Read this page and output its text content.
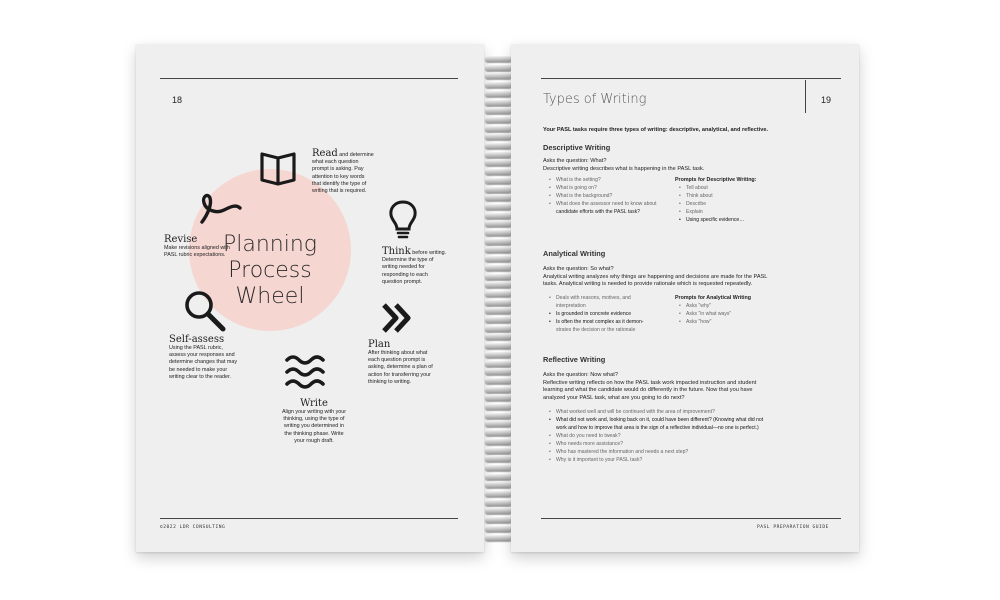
18
Planning
Process
Wheel
Read and determine
what each question
prompt is asking. Pay
attention to key words
that identify the type of
writing that is required.
Think before writing.
Determine the type of
writing needed for
responding to each
question prompt.
Plan
After thinking about what
each question prompt is
asking, determine a plan of
action for transferring your
thinking to writing.
Write
Align your writing with your
thinking, using the type of
writing you determined in
the thinking phase. Write
your rough draft.
Self-assess
Using the PASL rubric,
assess your responses and
determine changes that may
be needed to make your
writing clear to the reader.
Revise
Make revisions aligned with
PASL rubric expectations.
©2022 LDR CONSULTING
Types of Writing	19
Your PASL tasks require three types of writing: descriptive, analytical, and reflective.
Descriptive Writing
Asks the question: What?
Descriptive writing describes what is happening in the PASL task.
• What is the setting?
• What is going on?
• What is the background?
• What does the assessor need to know about
candidate efforts with the PASL task?
Prompts for Descriptive Writing:
• Tell about
• Think about
• Describe
• Explain
• Using specific evidence…
Analytical Writing
Asks the question: So what?
Analytical writing analyzes why things are happening and decisions are made for the PASL
tasks. Analytical writing is needed to provide rationale which is requested repeatedly.
• Deals with reasons, motives, and
interpretation
• Is grounded in concrete evidence
• Is often the most complex as it demon-
strates the decision or the rationale
Prompts for Analytical Writing
• Asks "why"
• Asks "in what ways"
• Asks "how"
Reflective Writing
Asks the question: Now what?
Reflective writing reflects on how the PASL task work impacted instruction and student
learning and what the candidate would do differently in the future. Now that you have
analyzed your PASL task, what are you going to do next?
• What worked well and will be continued with the area of improvement?
• What did not work and, looking back on it, could have been different? (Knowing what did not
work and how to improve that area is the sign of a reflective individual—no one is perfect.)
• What do you need to tweak?
• Who needs more assistance?
• Who has mastered the information and needs a next step?
• Why is it important to your PASL task?
PASL PREPARATION GUIDE
